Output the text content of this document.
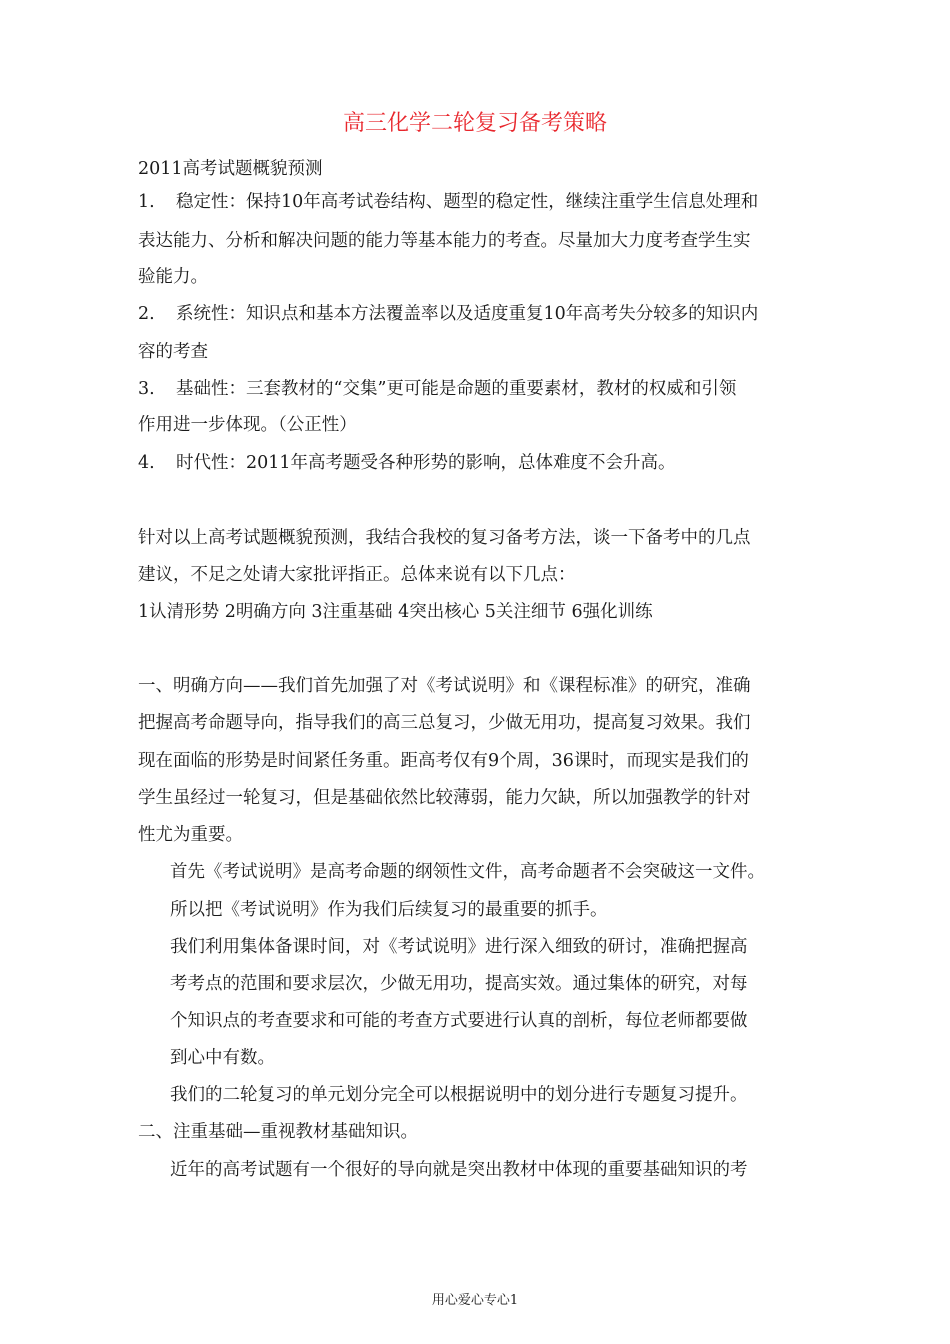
高三化学二轮复习备考策略
2011高考试题概貌预测
1. 稳定性：保持10年高考试卷结构、题型的稳定性，继续注重学生信息处理和
表达能力、分析和解决问题的能力等基本能力的考查。尽量加大力度考查学生实
验能力。
2. 系统性：知识点和基本方法覆盖率以及适度重复10年高考失分较多的知识内
容的考查
3. 基础性：三套教材的“交集”更可能是命题的重要素材，教材的权威和引领
作用进一步体现。（公正性）
4. 时代性：2011年高考题受各种形势的影响，总体难度不会升高。
针对以上高考试题概貌预测，我结合我校的复习备考方法，谈一下备考中的几点
建议，不足之处请大家批评指正。总体来说有以下几点：
1认清形势 2明确方向 3注重基础 4突出核心 5关注细节 6强化训练
一、明确方向——我们首先加强了对《考试说明》和《课程标准》的研究，准确
把握高考命题导向，指导我们的高三总复习，少做无用功，提高复习效果。我们
现在面临的形势是时间紧任务重。距高考仅有9个周，36课时，而现实是我们的
学生虽经过一轮复习，但是基础依然比较薄弱，能力欠缺，所以加强教学的针对
性尤为重要。
首先《考试说明》是高考命题的纲领性文件，高考命题者不会突破这一文件。
所以把《考试说明》作为我们后续复习的最重要的抓手。
我们利用集体备课时间，对《考试说明》进行深入细致的研讨，准确把握高
考考点的范围和要求层次，少做无用功，提高实效。通过集体的研究，对每
个知识点的考查要求和可能的考查方式要进行认真的剖析，每位老师都要做
到心中有数。
我们的二轮复习的单元划分完全可以根据说明中的划分进行专题复习提升。
二、注重基础—重视教材基础知识。
近年的高考试题有一个很好的导向就是突出教材中体现的重要基础知识的考
用心爱心专心1
